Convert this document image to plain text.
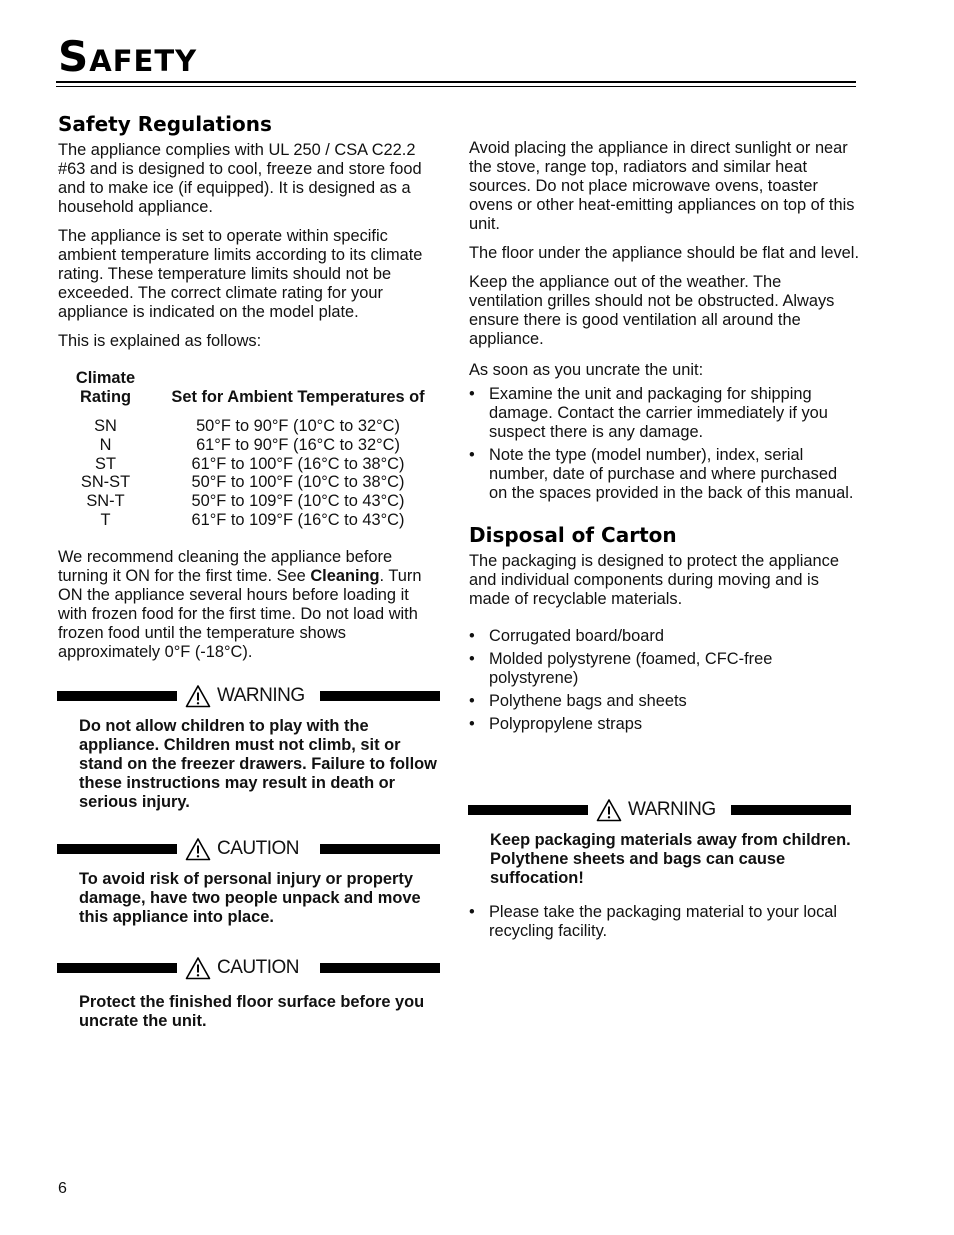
Safety
Safety Regulations

The appliance complies with UL 250 / CSA C22.2 #63 and is designed to cool, freeze and store food and to make ice (if equipped). It is designed as a household appliance.

The appliance is set to operate within specific ambient temperature limits according to its climate rating. These temperature limits should not be exceeded. The correct climate rating for your appliance is indicated on the model plate.

This is explained as follows:

Climate Rating	Set for Ambient Temperatures of
SN	50°F to 90°F (10°C to 32°C)
N	61°F to 90°F (16°C to 32°C)
ST	61°F to 100°F (16°C to 38°C)
SN-ST	50°F to 100°F (10°C to 38°C)
SN-T	50°F to 109°F (10°C to 43°C)
T	61°F to 109°F (16°C to 43°C)

We recommend cleaning the appliance before turning it ON for the first time. See Cleaning. Turn ON the appliance several hours before loading it with frozen food for the first time. Do not load with frozen food until the temperature shows approximately 0°F (-18°C).

WARNING
Do not allow children to play with the appliance. Children must not climb, sit or stand on the freezer drawers. Failure to follow these instructions may result in death or serious injury.
CAUTION
To avoid risk of personal injury or property damage, have two people unpack and move this appliance into place.
CAUTION
Protect the finished floor surface before you uncrate the unit.

Avoid placing the appliance in direct sunlight or near the stove, range top, radiators and similar heat sources. Do not place microwave ovens, toaster ovens or other heat-emitting appliances on top of this unit.

The floor under the appliance should be flat and level.

Keep the appliance out of the weather. The ventilation grilles should not be obstructed. Always ensure there is good ventilation all around the appliance.

As soon as you uncrate the unit:

• Examine the unit and packaging for shipping damage. Contact the carrier immediately if you suspect there is any damage.
• Note the type (model number), index, serial number, date of purchase and where purchased on the spaces provided in the back of this manual.
Disposal of Carton

The packaging is designed to protect the appliance and individual components during moving and is made of recyclable materials.

• Corrugated board/board
• Molded polystyrene (foamed, CFC-free polystyrene)
• Polythene bags and sheets
• Polypropylene straps
WARNING
Keep packaging materials away from children. Polythene sheets and bags can cause suffocation!
• Please take the packaging material to your local recycling facility.
6
